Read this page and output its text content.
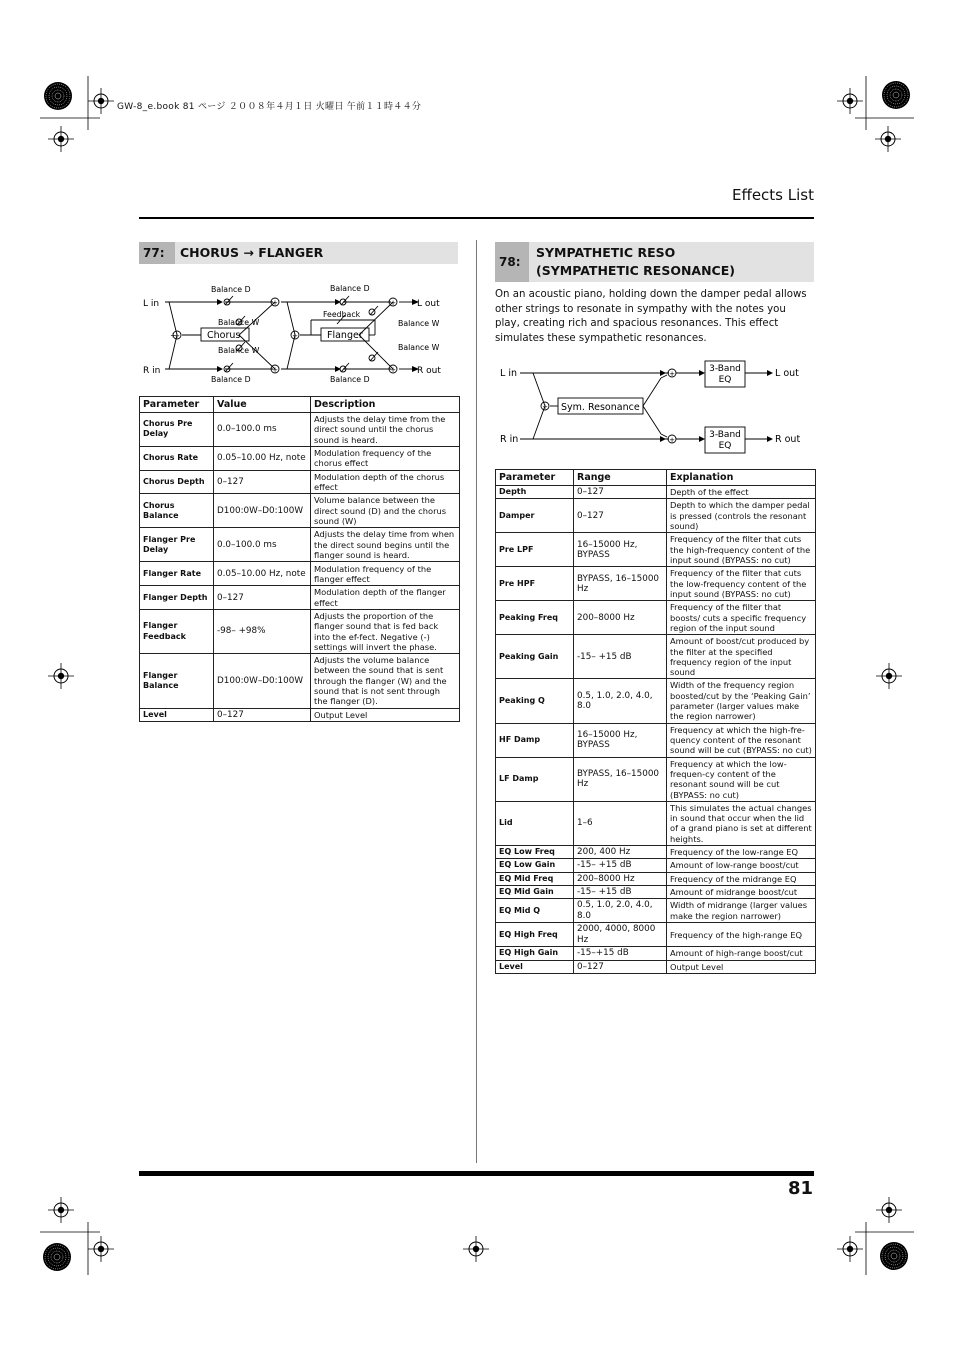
GW-8_e.book 81 ページ ２００８年４月１日 火曜日 午前１１時４４分
Effects List
77:	CHORUS → FLANGER
+
+	+
+
+
+
+
L in
R in
L out
R out
Chorus	Flanger
Balance D
Balance D
Balance D
Balance D
Balance W
Balance W
Balance W
Balance W
Feedback
Parameter	Value	Description
Chorus Pre Delay	0.0–100.0 ms	Adjusts the delay time from the direct sound until the chorus sound is heard.
Chorus Rate	0.05–10.00 Hz, note	Modulation frequency of the chorus effect
Chorus Depth	0–127	Modulation depth of the chorus effect
Chorus Balance	D100:0W–D0:100W	Volume balance between the direct sound (D) and the chorus sound (W)
Flanger Pre Delay	0.0–100.0 ms	Adjusts the delay time from when the direct sound begins until the flanger sound is heard.
Flanger Rate	0.05–10.00 Hz, note	Modulation frequency of the flanger effect
Flanger Depth	0–127	Modulation depth of the flanger effect
Flanger Feedback	-98– +98%	Adjusts the proportion of the flanger sound that is fed back into the ef-fect. Negative (-) settings will invert the phase.
Flanger Balance	D100:0W–D0:100W	Adjusts the volume balance between the sound that is sent through the flanger (W) and the sound that is not sent through the flanger (D).
Level	0–127	Output Level
78:
SYMPATHETIC RESO
(SYMPATHETIC RESONANCE)
On an acoustic piano, holding down the damper pedal allows other strings to resonate in sympathy with the notes you play, creating rich and spacious resonances. This effect simulates these sympathetic resonances.
+
+
+
L in
R in
L out
R out
Sym. Resonance
3-Band
EQ
3-Band
EQ
Parameter	Range	Explanation
Depth	0–127	Depth of the effect
Damper	0–127	Depth to which the damper pedal is pressed (controls the resonant sound)
Pre LPF	16–15000 Hz, BYPASS	Frequency of the filter that cuts the high-frequency content of the input sound (BYPASS: no cut)
Pre HPF	BYPASS, 16–15000 Hz	Frequency of the filter that cuts the low-frequency content of the input sound (BYPASS: no cut)
Peaking Freq	200–8000 Hz	Frequency of the filter that boosts/ cuts a specific frequency region of the input sound
Peaking Gain	-15– +15 dB	Amount of boost/cut produced by the filter at the specified frequency region of the input sound
Peaking Q	0.5, 1.0, 2.0, 4.0, 8.0	Width of the frequency region boosted/cut by the ‘Peaking Gain’ parameter (larger values make the region narrower)
HF Damp	16–15000 Hz, BYPASS	Frequency at which the high-fre-quency content of the resonant sound will be cut (BYPASS: no cut)
LF Damp	BYPASS, 16–15000 Hz	Frequency at which the low-frequen-cy content of the resonant sound will be cut (BYPASS: no cut)
Lid	1–6	This simulates the actual changes in sound that occur when the lid of a grand piano is set at different heights.
EQ Low Freq	200, 400 Hz	Frequency of the low-range EQ
EQ Low Gain	-15– +15 dB	Amount of low-range boost/cut
EQ Mid Freq	200–8000 Hz	Frequency of the midrange EQ
EQ Mid Gain	-15– +15 dB	Amount of midrange boost/cut
EQ Mid Q	0.5, 1.0, 2.0, 4.0, 8.0	Width of midrange (larger values make the region narrower)
EQ High Freq	2000, 4000, 8000 Hz	Frequency of the high-range EQ
EQ High Gain	-15–+15 dB	Amount of high-range boost/cut
Level	0–127	Output Level
81
